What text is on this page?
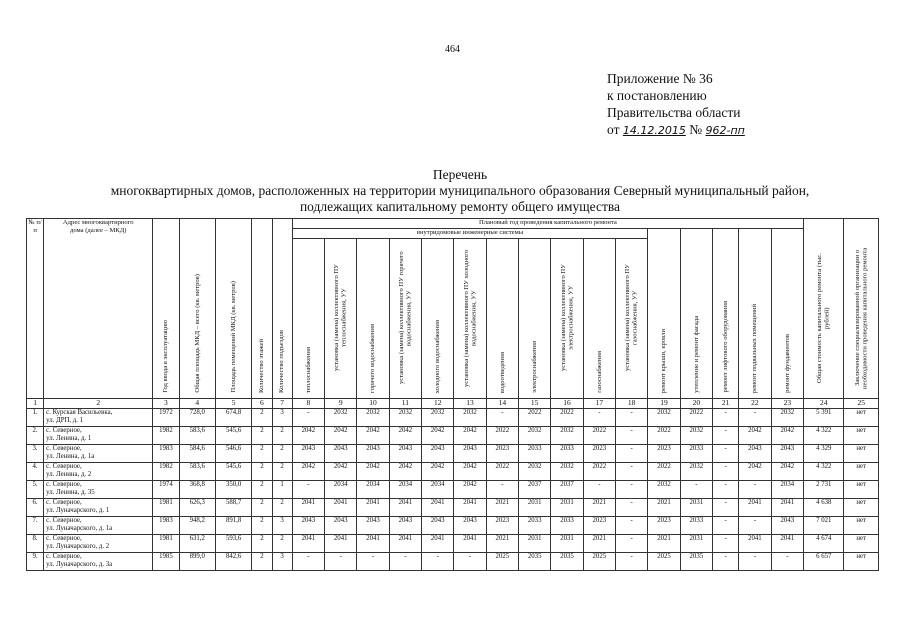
464
Приложение № 36
к постановлению
Правительства области
от 14.12.2015 № 962-пп
Перечень
многоквартирных домов, расположенных на территории муниципального образования Северный муниципальный район,
подлежащих капитальному ремонту общего имущества
№ п/п	Адрес многоквартирного дома (далее – МКД)	Год ввода в эксплуатацию	Общая площадь МКД – всего (кв. метров)	Площадь помещений МКД (кв. метров)	Количество этажей	Количество подъездов	Плановый год проведения капитального ремонта																Общая стоимость капитального ремонта (тыс. рублей)	Заключение специализированной организации о необходимости проведения капитального ремонта
							внутридомовые инженерные системы											ремонт крыши, кровли	утепление и ремонт фасада	ремонт лифтового оборудования	ремонт подвальных помещений	ремонт фундаментов		
							теплоснабжения	установка (замена) коллективного ПУ теплоснабжения, УУ	горячего водоснабжения	установка (замена) коллективного ПУ горячего водоснабжения, УУ	холодного водоснабжения	установка (замена) коллективного ПУ холодного водоснабжения, УУ	водоотведения	электроснабжения	установка (замена) коллективного ПУ электроснабжения, УУ	газоснабжения	установка (замена) коллективного ПУ газоснабжения, УУ							
1	2	3	4	5	6	7	8	9	10	11	12	13	14	15	16	17	18	19	20	21	22	23	24	25
1.	с. Курская Васильевка,
ул. ДРП, д. 1	1972	728,0	674,8	2	3	-	2032	2032	2032	2032	2032	-	2022	2022	-	-	2032	2022	-	-	2032	5 391	нет
2.	с. Северное,
ул. Ленина, д. 1	1982	583,6	545,6	2	2	2042	2042	2042	2042	2042	2042	2022	2032	2032	2022	-	2022	2032	-	2042	2042	4 322	нет
3.	с. Северное,
ул. Ленина, д. 1а	1983	584,6	546,6	2	2	2043	2043	2043	2043	2043	2043	2023	2033	2033	2023	-	2023	2033	-	2043	2043	4 329	нет
4.	с. Северное,
ул. Ленина, д. 2	1982	583,6	545,6	2	2	2042	2042	2042	2042	2042	2042	2022	2032	2032	2022	-	2022	2032	-	2042	2042	4 322	нет
5.	с. Северное,
ул. Ленина, д. 35	1974	368,8	350,0	2	1	-	2034	2034	2034	2034	2042	-	2037	2037	-	-	2032	-	-	-	2034	2 731	нет
6.	с. Северное,
ул. Луначарского, д. 1	1981	626,3	588,7	2	2	2041	2041	2041	2041	2041	2041	2021	2031	2031	2021	-	2021	2031	-	2041	2041	4 638	нет
7.	с. Северное,
ул. Луначарского, д. 1а	1983	948,2	891,8	2	3	2043	2043	2043	2043	2043	2043	2023	2033	2033	2023	-	2023	2033	-	-	2043	7 021	нет
8.	с. Северное,
ул. Луначарского, д. 2	1981	631,2	593,6	2	2	2041	2041	2041	2041	2041	2041	2021	2031	2031	2021	-	2021	2031	-	2041	2041	4 674	нет
9.	с. Северное,
ул. Луначарского, д. 3а	1985	899,0	842,6	2	3	-	-	-	-	-	-	2025	2035	2035	2025	-	2025	2035	-	-	-	6 657	нет
